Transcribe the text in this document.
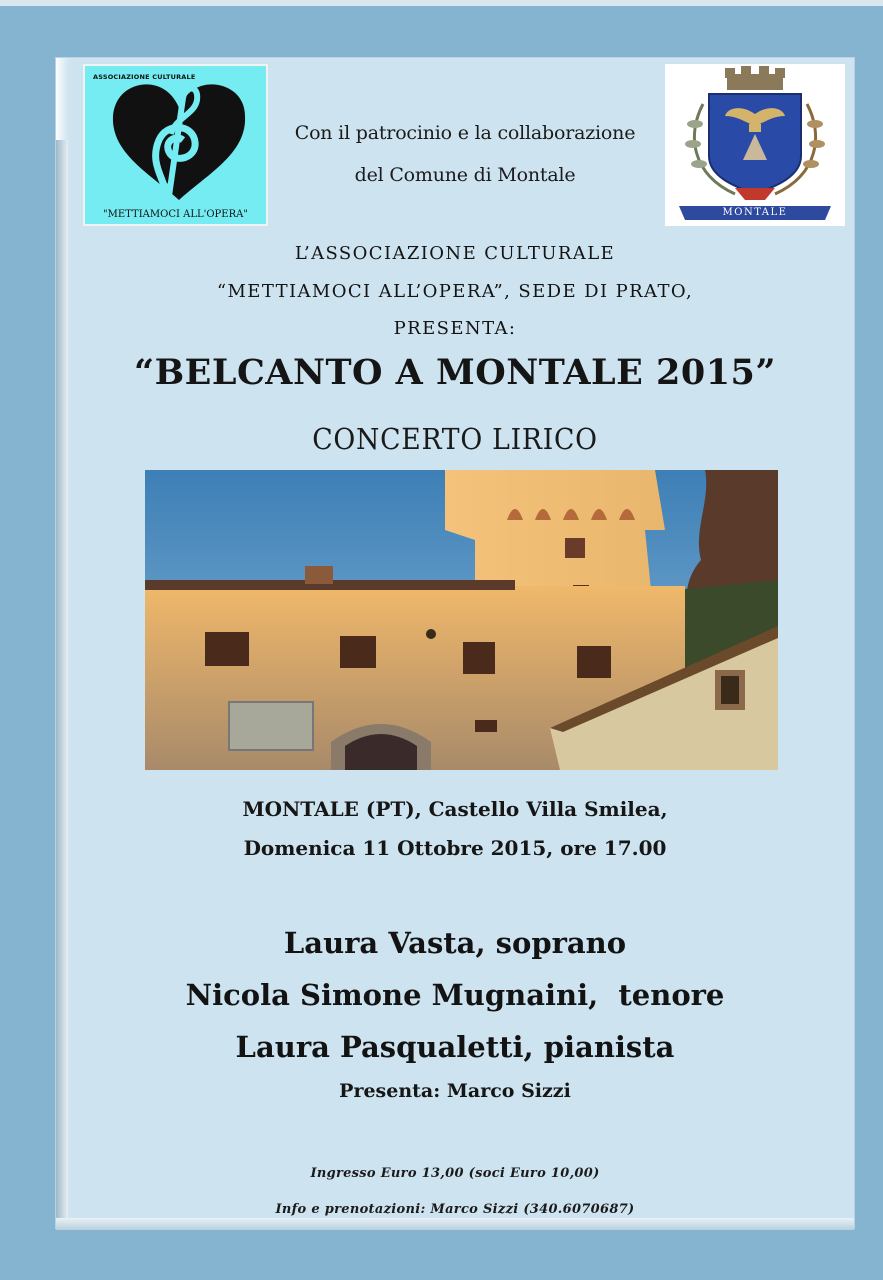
ASSOCIAZIONE CULTURALE
"METTIAMOCI ALL'OPERA"
Con il patrocinio e la collaborazione
del Comune di Montale
MONTALE
L’ASSOCIAZIONE CULTURALE
“METTIAMOCI ALL’OPERA”, SEDE DI PRATO,
PRESENTA:
“BELCANTO A MONTALE 2015”
CONCERTO LIRICO
MONTALE (PT), Castello Villa Smilea,
Domenica 11 Ottobre 2015, ore 17.00
Laura Vasta, soprano
Nicola Simone Mugnaini,  tenore
Laura Pasqualetti, pianista
Presenta: Marco Sizzi
Ingresso Euro 13,00 (soci Euro 10,00)
Info e prenotazioni: Marco Sizzi (340.6070687)
